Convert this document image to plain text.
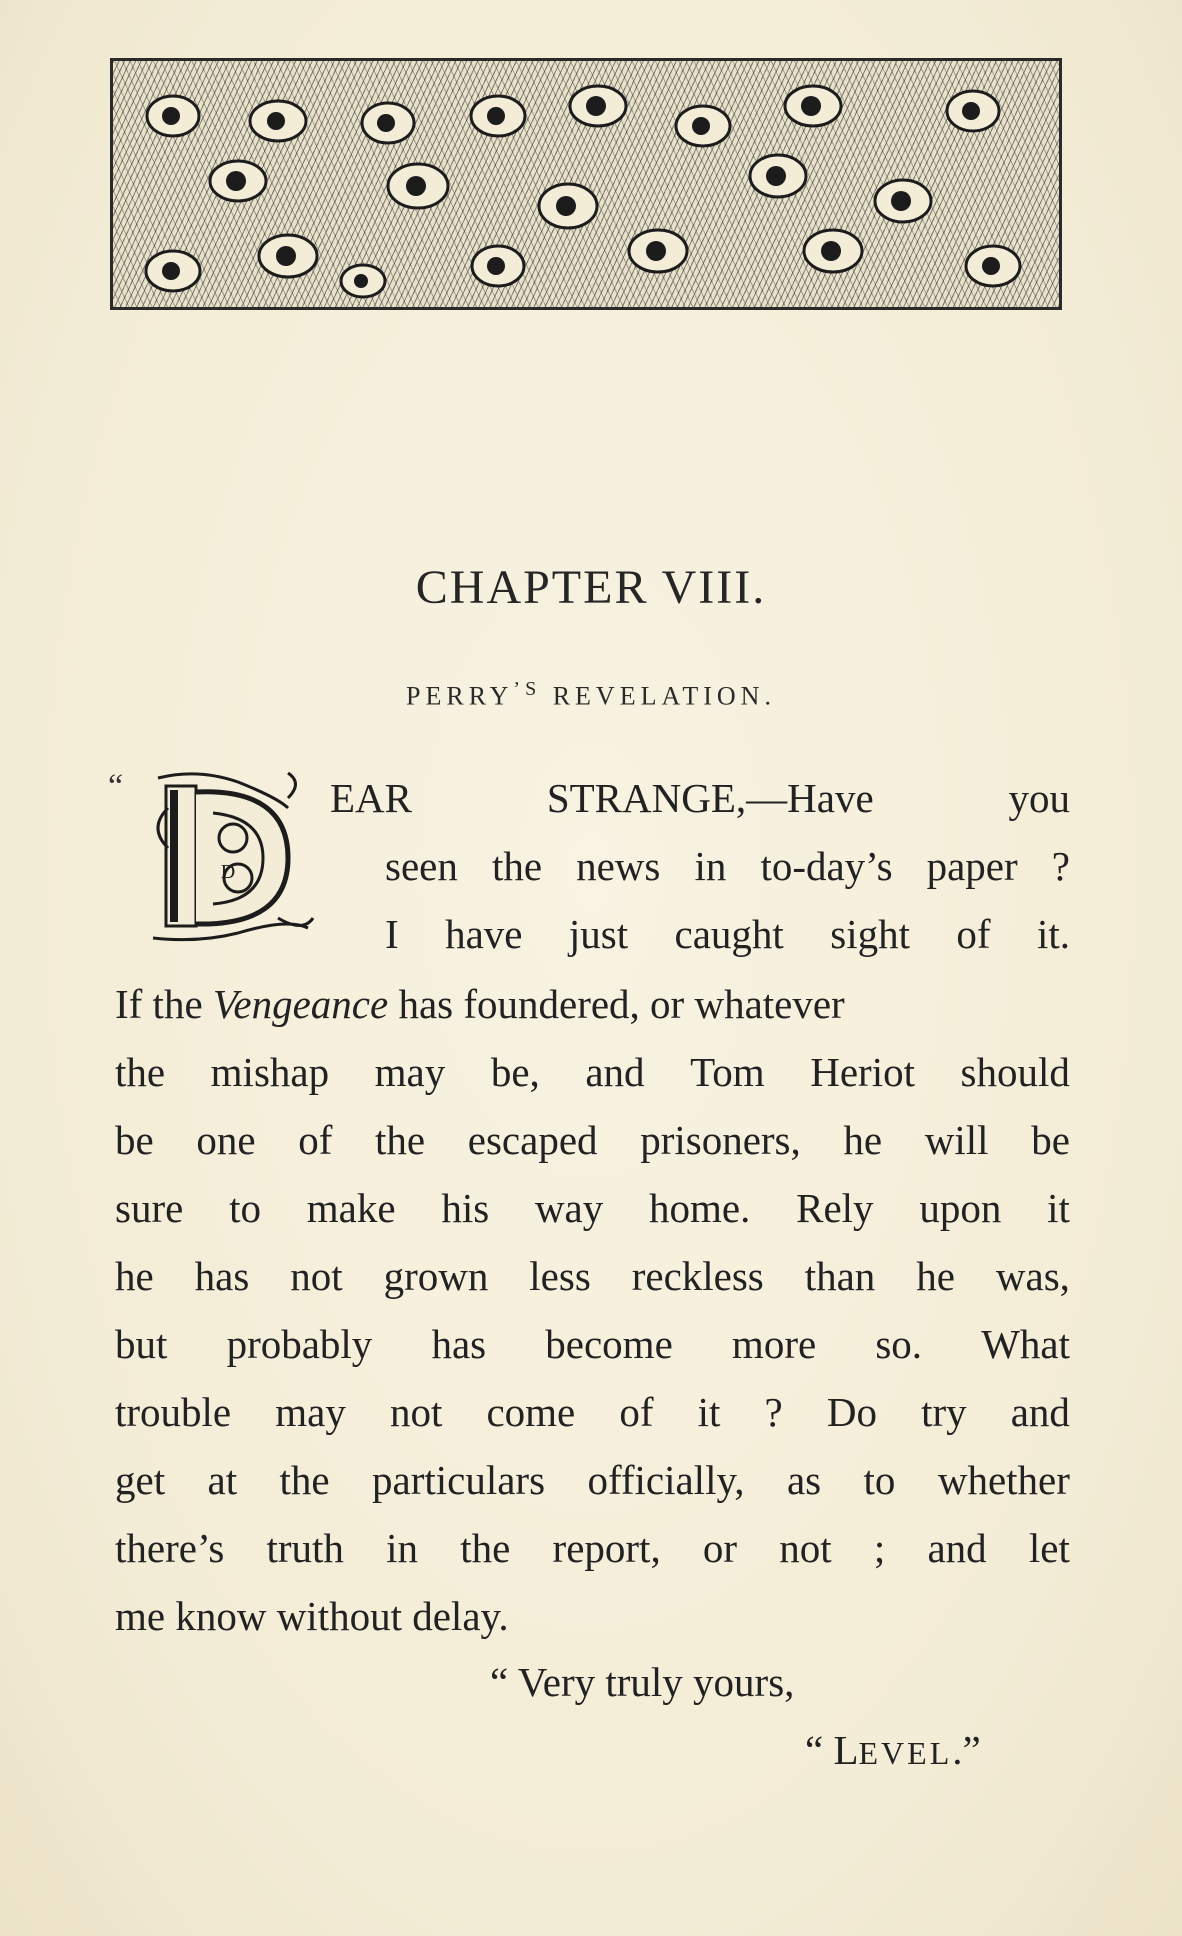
CHAPTER VIII.
$PERRY^{’S}$ REVELATION.
“
D
EAR	STRANGE,—Have	you
seen the news in to-day’s paper ?
I have just caught sight of it.
If the Vengeance has foundered, or whatever
the mishap may be, and Tom Heriot should
be one of the escaped prisoners, he will be
sure to make his way home. Rely upon it
he has not grown less reckless than he was,
but probably has become more so. What
trouble may not come of it ? Do try and
get at the particulars officially, as to whether
there’s truth in the report, or not ; and let
me know without delay.
“ Very truly yours,
“ LEVEL.”
